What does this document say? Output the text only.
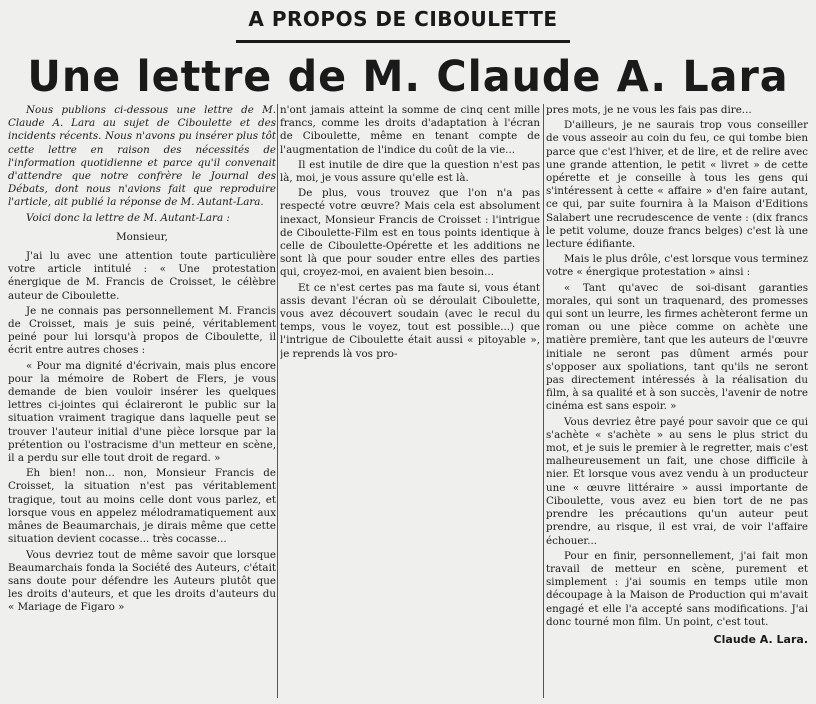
A PROPOS DE CIBOULETTE
Une lettre de M. Claude A. Lara

Nous publions ci-dessous une lettre de M. Claude A. Lara au sujet de Ciboulette et des incidents récents. Nous n'avons pu insérer plus tôt cette lettre en raison des nécessités de l'information quotidienne et parce qu'il convenait d'attendre que notre confrère le Journal des Débats, dont nous n'avions fait que reproduire l'article, ait publié la réponse de M. Autant-Lara.

Voici donc la lettre de M. Autant-Lara :

Monsieur,

J'ai lu avec une attention toute particulière votre article intitulé : « Une protestation énergique de M. Francis de Croisset, le célèbre auteur de Ciboulette.

Je ne connais pas personnellement M. Francis de Croisset, mais je suis peiné, véritablement peiné pour lui lorsqu'à propos de Ciboulette, il écrit entre autres choses :

« Pour ma dignité d'écrivain, mais plus encore pour la mémoire de Robert de Flers, je vous demande de bien vouloir insérer les quelques lettres ci-jointes qui éclaireront le public sur la situation vraiment tragique dans laquelle peut se trouver l'auteur initial d'une pièce lorsque par la prétention ou l'ostracisme d'un metteur en scène, il a perdu sur elle tout droit de regard. »

Eh bien! non... non, Monsieur Francis de Croisset, la situation n'est pas véritablement tragique, tout au moins celle dont vous parlez, et lorsque vous en appelez mélodramatiquement aux mânes de Beaumarchais, je dirais même que cette situation devient cocasse... très cocasse...

Vous devriez tout de même savoir que lorsque Beaumarchais fonda la Société des Auteurs, c'était sans doute pour défendre les Auteurs plutôt que les droits d'auteurs, et que les droits d'auteurs du « Mariage de Figaro »

n'ont jamais atteint la somme de cinq cent mille francs, comme les droits d'adaptation à l'écran de Ciboulette, même en tenant compte de l'augmentation de l'indice du coût de la vie...

Il est inutile de dire que la question n'est pas là, moi, je vous assure qu'elle est là.

De plus, vous trouvez que l'on n'a pas respecté votre œuvre? Mais cela est absolument inexact, Monsieur Francis de Croisset : l'intrigue de Ciboulette-Film est en tous points identique à celle de Ciboulette-Opérette et les additions ne sont là que pour souder entre elles des parties qui, croyez-moi, en avaient bien besoin...

Et ce n'est certes pas ma faute si, vous étant assis devant l'écran où se déroulait Ciboulette, vous avez découvert soudain (avec le recul du temps, vous le voyez, tout est possible...) que l'intrigue de Ciboulette était aussi « pitoyable », je reprends là vos pro-

pres mots, je ne vous les fais pas dire...

D'ailleurs, je ne saurais trop vous conseiller de vous asseoir au coin du feu, ce qui tombe bien parce que c'est l'hiver, et de lire, et de relire avec une grande attention, le petit « livret » de cette opérette et je conseille à tous les gens qui s'intéressent à cette « affaire » d'en faire autant, ce qui, par suite fournira à la Maison d'Editions Salabert une recrudescence de vente : (dix francs le petit volume, douze francs belges) c'est là une lecture édifiante.

Mais le plus drôle, c'est lorsque vous terminez votre « énergique protestation » ainsi :

« Tant qu'avec de soi-disant garanties morales, qui sont un traquenard, des promesses qui sont un leurre, les firmes achèteront ferme un roman ou une pièce comme on achète une matière première, tant que les auteurs de l'œuvre initiale ne seront pas dûment armés pour s'opposer aux spoliations, tant qu'ils ne seront pas directement intéressés à la réalisation du film, à sa qualité et à son succès, l'avenir de notre cinéma est sans espoir. »

Vous devriez être payé pour savoir que ce qui s'achète « s'achète » au sens le plus strict du mot, et je suis le premier à le regretter, mais c'est malheureusement un fait, une chose difficile à nier. Et lorsque vous avez vendu à un producteur une « œuvre littéraire » aussi importante de Ciboulette, vous avez eu bien tort de ne pas prendre les précautions qu'un auteur peut prendre, au risque, il est vrai, de voir l'affaire échouer...

Pour en finir, personnellement, j'ai fait mon travail de metteur en scène, purement et simplement : j'ai soumis en temps utile mon découpage à la Maison de Production qui m'avait engagé et elle l'a accepté sans modifications. J'ai donc tourné mon film. Un point, c'est tout.

Claude A. Lara.
